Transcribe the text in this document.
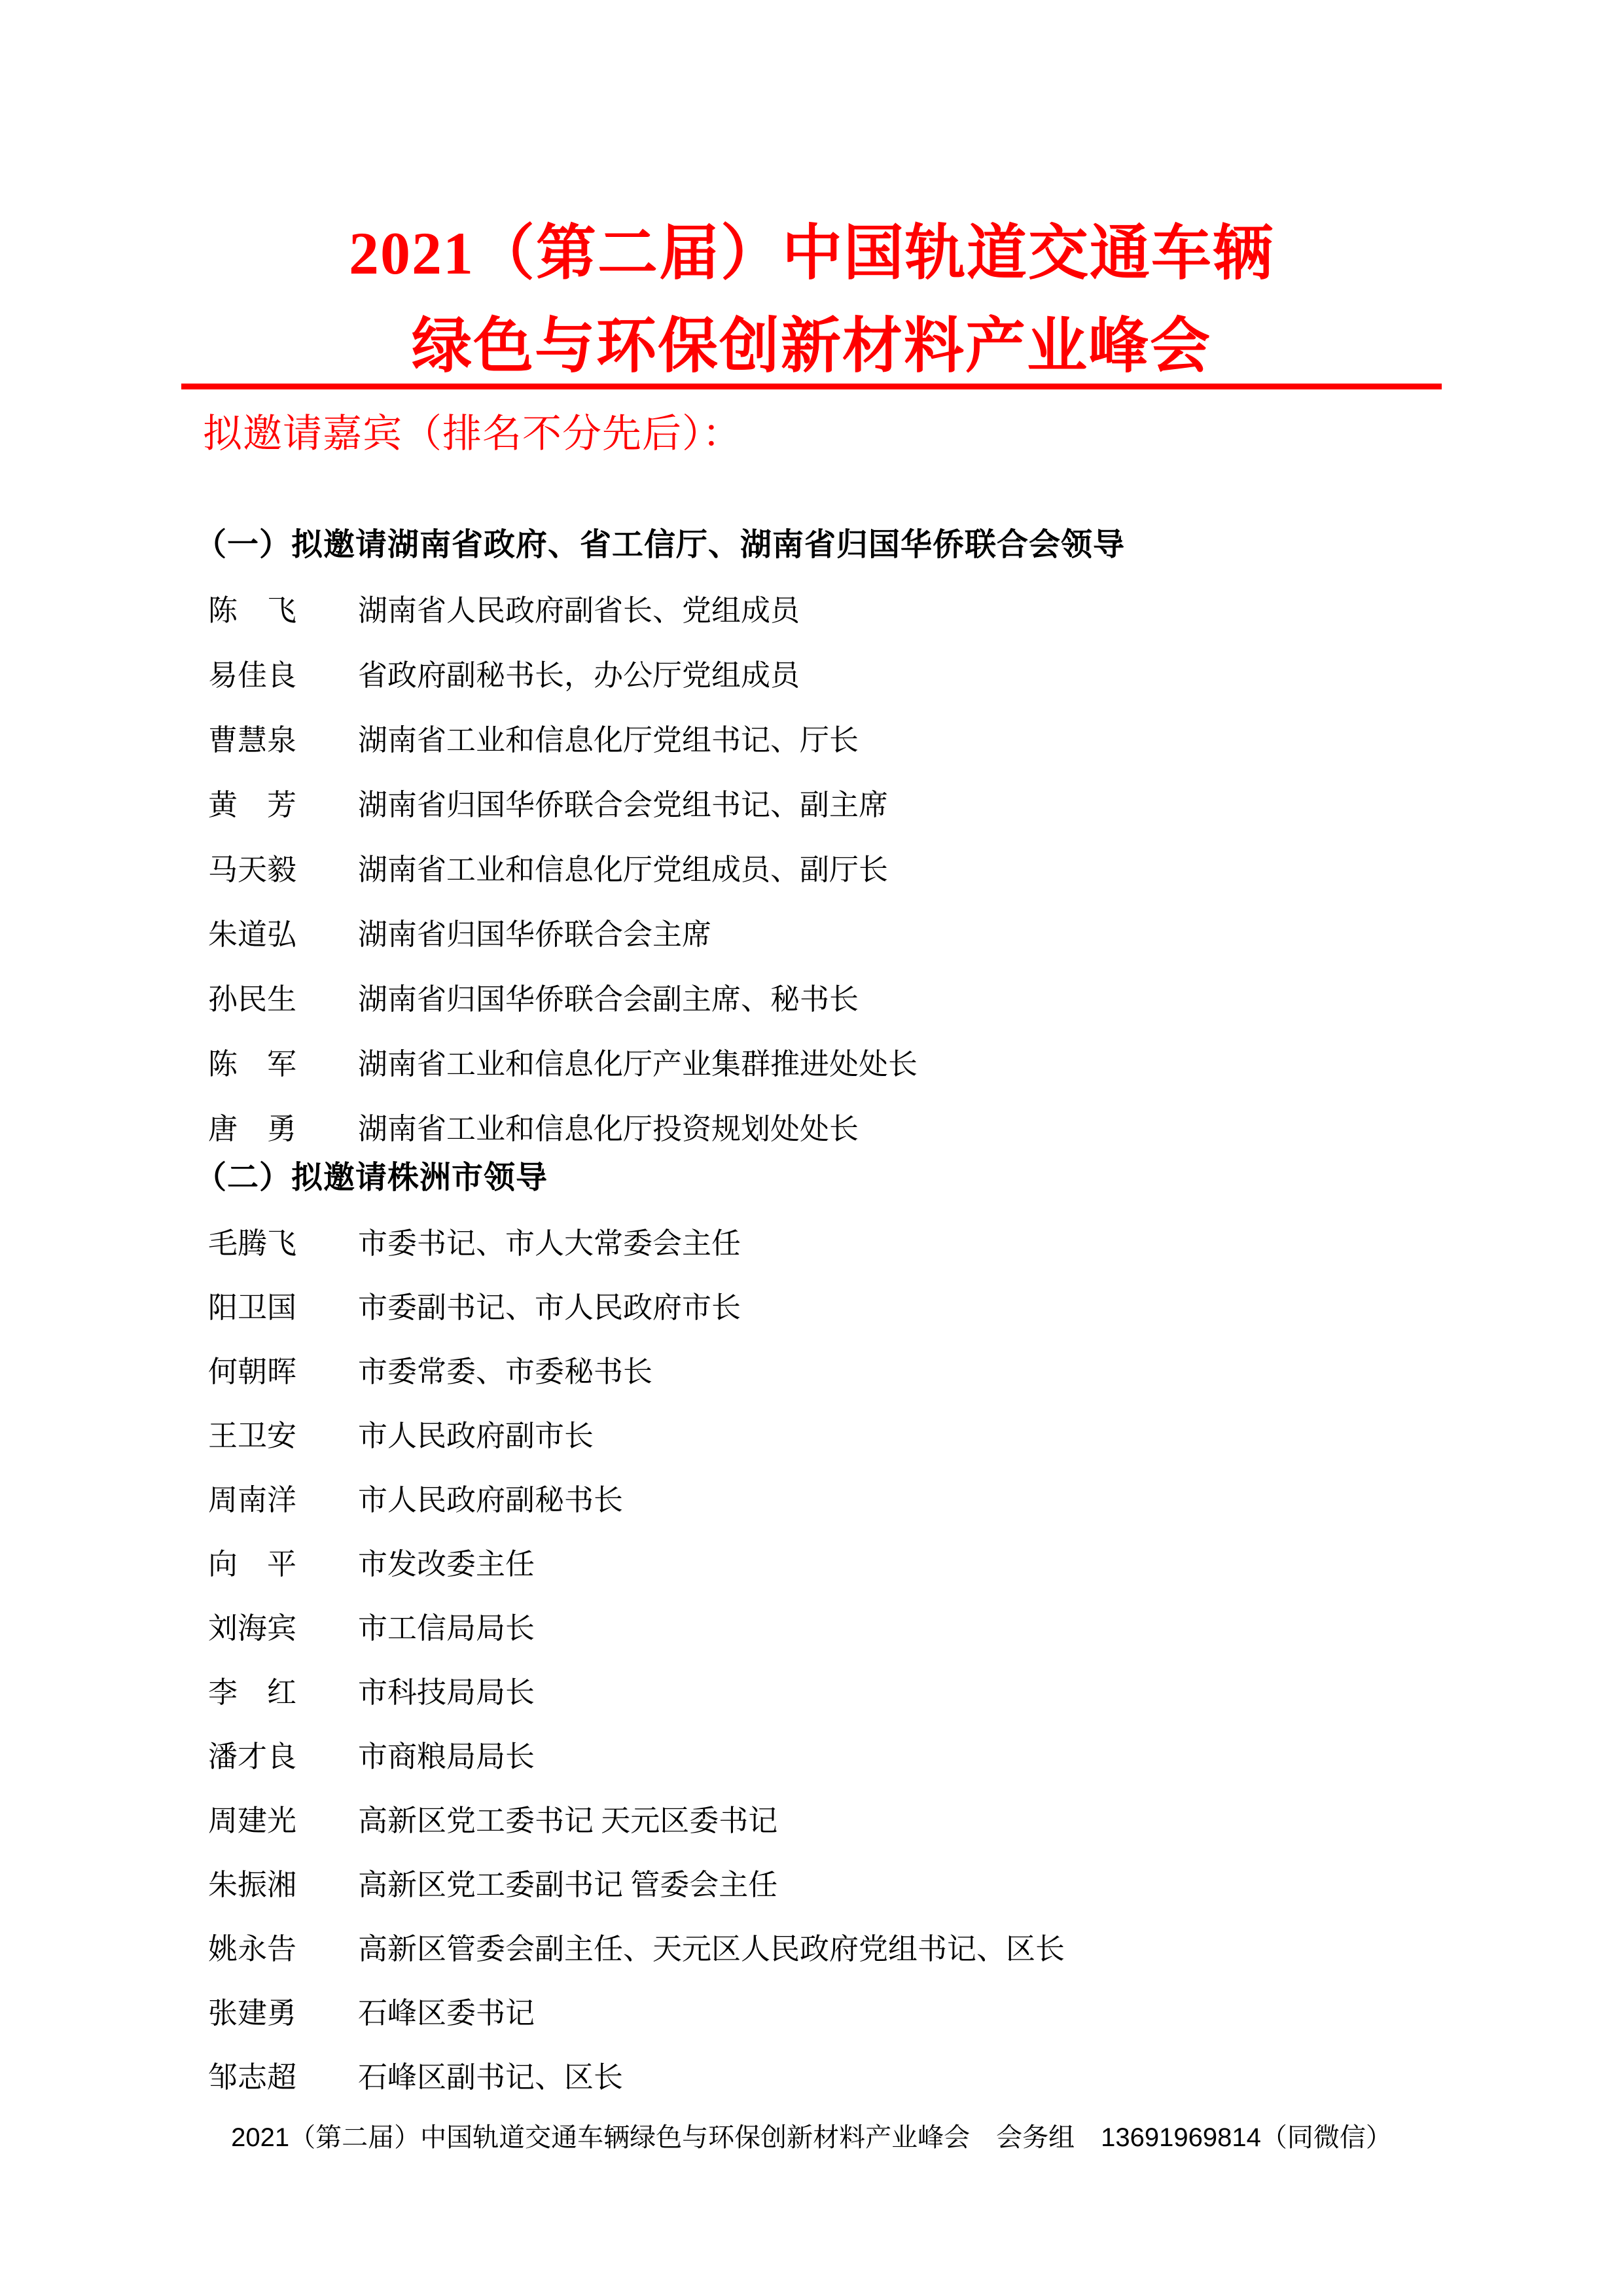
2021（第二届）中国轨道交通车辆
绿色与环保创新材料产业峰会
拟邀请嘉宾（排名不分先后）：
（一）拟邀请湖南省政府、省工信厅、湖南省归国华侨联合会领导
陈　飞	湖南省人民政府副省长、党组成员
易佳良	省政府副秘书长，办公厅党组成员
曹慧泉	湖南省工业和信息化厅党组书记、厅长
黄　芳	湖南省归国华侨联合会党组书记、副主席
马天毅	湖南省工业和信息化厅党组成员、副厅长
朱道弘	湖南省归国华侨联合会主席
孙民生	湖南省归国华侨联合会副主席、秘书长
陈　军	湖南省工业和信息化厅产业集群推进处处长
唐　勇	湖南省工业和信息化厅投资规划处处长
（二）拟邀请株洲市领导
毛腾飞	市委书记、市人大常委会主任
阳卫国	市委副书记、市人民政府市长
何朝晖	市委常委、市委秘书长
王卫安	市人民政府副市长
周南洋	市人民政府副秘书长
向　平	市发改委主任
刘海宾	市工信局局长
李　红	市科技局局长
潘才良	市商粮局局长
周建光	高新区党工委书记 天元区委书记
朱振湘	高新区党工委副书记 管委会主任
姚永告	高新区管委会副主任、天元区人民政府党组书记、区长
张建勇	石峰区委书记
邹志超	石峰区副书记、区长
2021（第二届）中国轨道交通车辆绿色与环保创新材料产业峰会　会务组　13691969814（同微信）
